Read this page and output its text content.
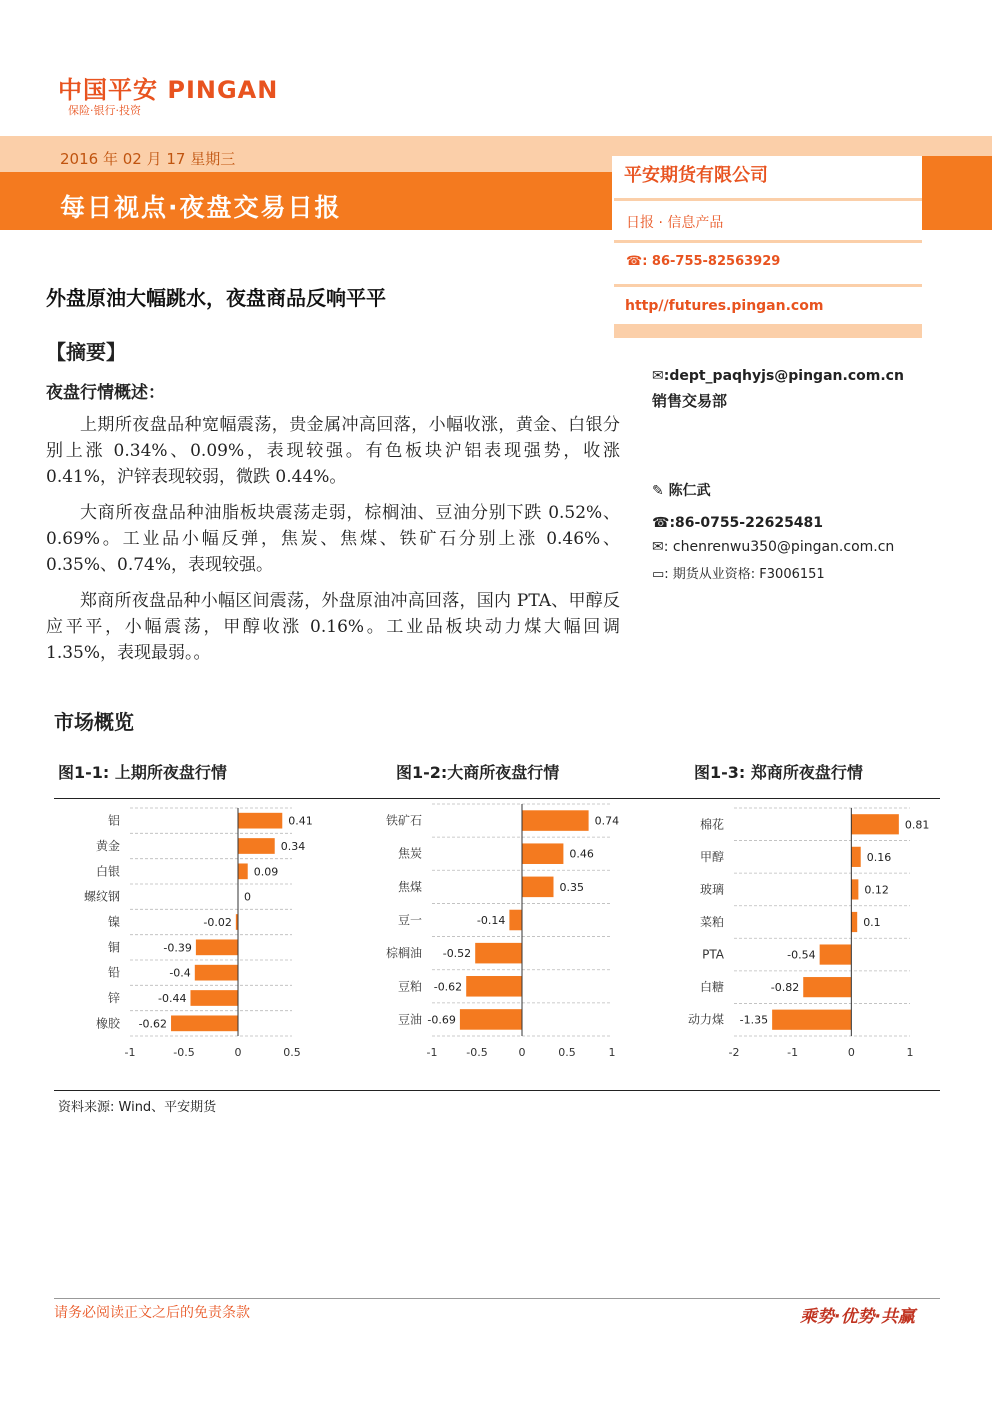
中国平安 PINGAN
保险·银行·投资
2016 年 02 月 17 星期三
每日视点·夜盘交易日报
平安期货有限公司
日报 · 信息产品
☎: 86-755-82563929
http//futures.pingan.com
✉:dept_paqhyjs@pingan.com.cn
销售交易部
✎ 陈仁武
☎:86-0755-22625481
✉: chenrenwu350@pingan.com.cn
▭: 期货从业资格: F3006151
外盘原油大幅跳水，夜盘商品反响平平
【摘要】
夜盘行情概述：
上期所夜盘品种宽幅震荡，贵金属冲高回落，小幅收涨，黄金、白银分别上涨 0.34%、0.09%，表现较强。有色板块沪铝表现强势，收涨 0.41%，沪锌表现较弱，微跌 0.44%。
大商所夜盘品种油脂板块震荡走弱，棕榈油、豆油分别下跌 0.52%、0.69%。工业品小幅反弹，焦炭、焦煤、铁矿石分别上涨 0.46%、0.35%、0.74%，表现较强。
郑商所夜盘品种小幅区间震荡，外盘原油冲高回落，国内 PTA、甲醇反应平平，小幅震荡，甲醇收涨 0.16%。工业品板块动力煤大幅回调 1.35%，表现最弱。。
市场概览
图1-1: 上期所夜盘行情	图1-2:大商所夜盘行情	图1-3: 郑商所夜盘行情
铝	0.41
黄金	0.34
白银	0.09
螺纹钢	0
镍	-0.02
铜	-0.39
铅	-0.4
锌	-0.44
橡胶 -0.62
-1	-0.5	0	0.5
铁矿石	0.74
焦炭	0.46
焦煤	0.35
豆一	-0.14
棕榈油 -0.52
豆粕 -0.62
豆油 -0.69
-1	-0.5	0	0.5	1
棉花	0.81
甲醇	0.16
玻璃	0.12
菜粕	0.1
PTA	-0.54
白糖	-0.82
动力煤 -1.35
-2	-1	0	1
资料来源: Wind、平安期货
请务必阅读正文之后的免责条款	乘势·优势·共赢
